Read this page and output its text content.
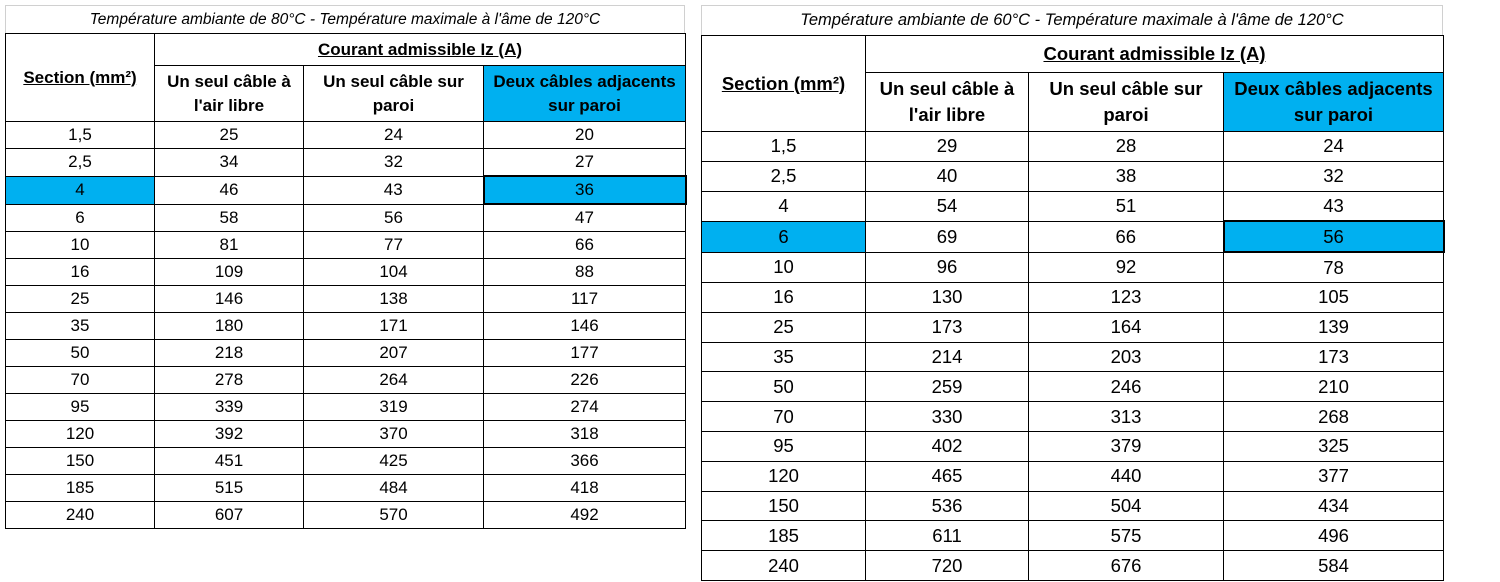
Température ambiante de 80°C - Température maximale à l'âme de 120°C
Section (mm²)	Courant admissible Iz (A)		
	Un seul câble à l'air libre	Un seul câble sur paroi	Deux câbles adjacents sur paroi
1,5	25	24	20
2,5	34	32	27
4	46	43	36
6	58	56	47
10	81	77	66
16	109	104	88
25	146	138	117
35	180	171	146
50	218	207	177
70	278	264	226
95	339	319	274
120	392	370	318
150	451	425	366
185	515	484	418
240	607	570	492
Température ambiante de 60°C - Température maximale à l'âme de 120°C
Section (mm²)	Courant admissible Iz (A)		
	Un seul câble à l'air libre	Un seul câble sur paroi	Deux câbles adjacents sur paroi
1,5	29	28	24
2,5	40	38	32
4	54	51	43
6	69	66	56
10	96	92	78
16	130	123	105
25	173	164	139
35	214	203	173
50	259	246	210
70	330	313	268
95	402	379	325
120	465	440	377
150	536	504	434
185	611	575	496
240	720	676	584
